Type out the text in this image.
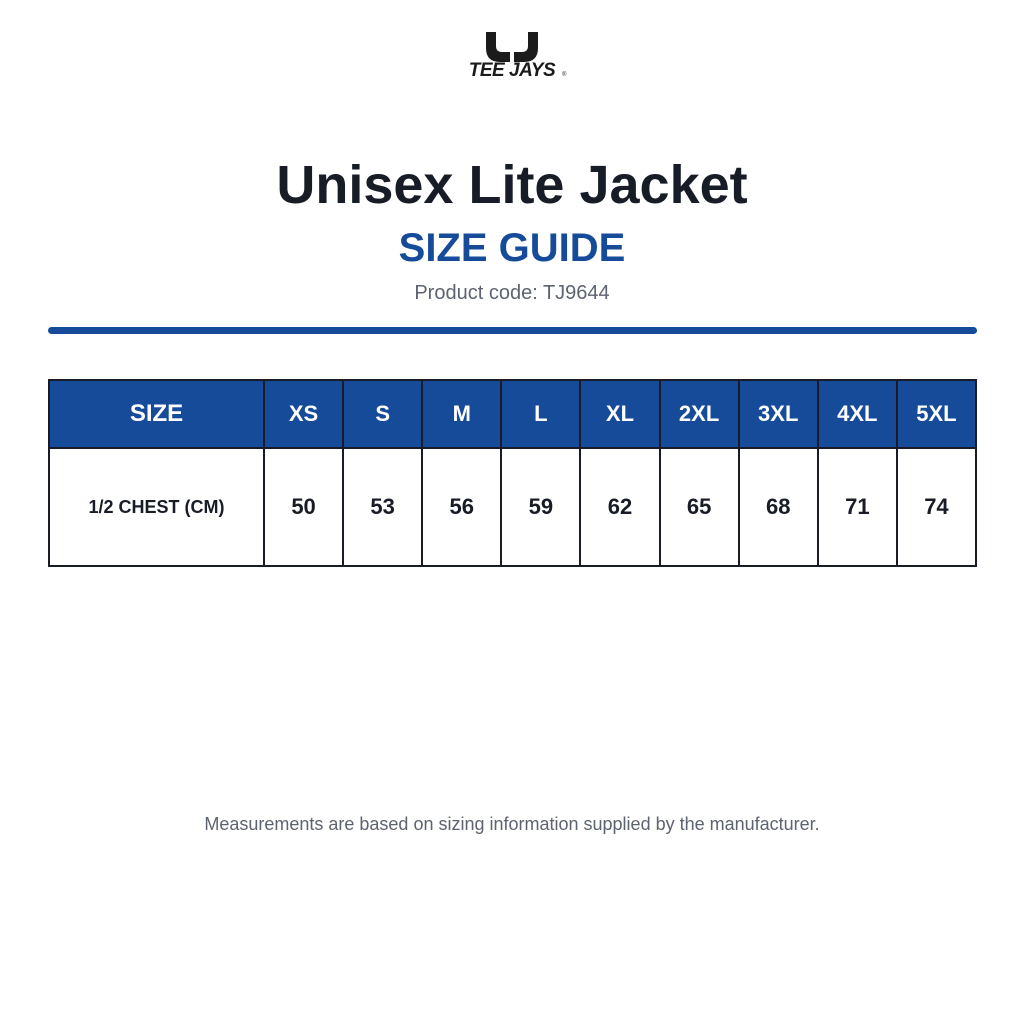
TEE JAYS	®
Unisex Lite Jacket
SIZE GUIDE
Product code: TJ9644
SIZE	XS	S	M	L	XL	2XL	3XL	4XL	5XL
1/2 CHEST (CM)	50	53	56	59	62	65	68	71	74
Measurements are based on sizing information supplied by the manufacturer.
